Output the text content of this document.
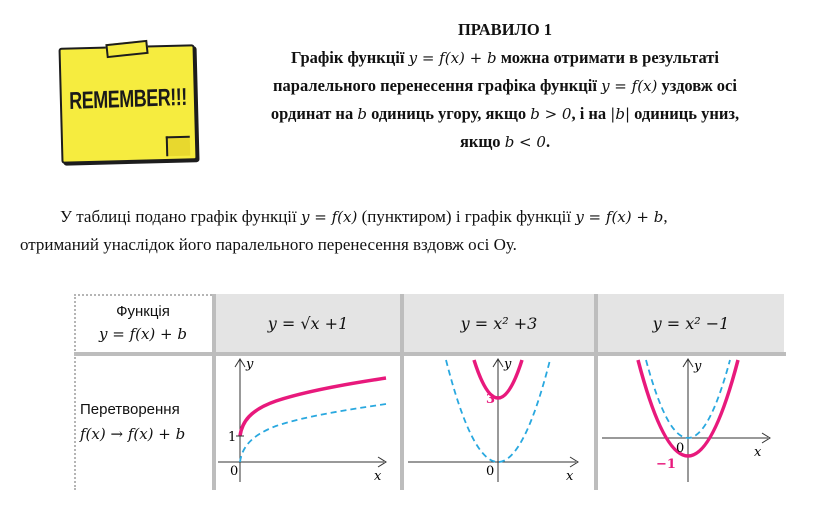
REMEMBER!!!
ПРАВИЛО 1
Графік функції y = f(x) + b можна отримати в результаті
паралельного перенесення графіка функції y = f(x) уздовж осі
ординат на b одиниць угору, якщо b > 0, і на |b| одиниць униз,
якщо b < 0.
У таблиці подано графік функції y = f(x) (пунктиром) і графік функції y = f(x) + b,
отриманий унаслідок його паралельного перенесення вздовж осі Оу.
y = √x +1	y = x² +3	y = x² −1
Функція
y = f(x) + b
Перетворення
f(x) → f(x) + b
y
x
0
1
y
x
0
3
y
x
0
−1
